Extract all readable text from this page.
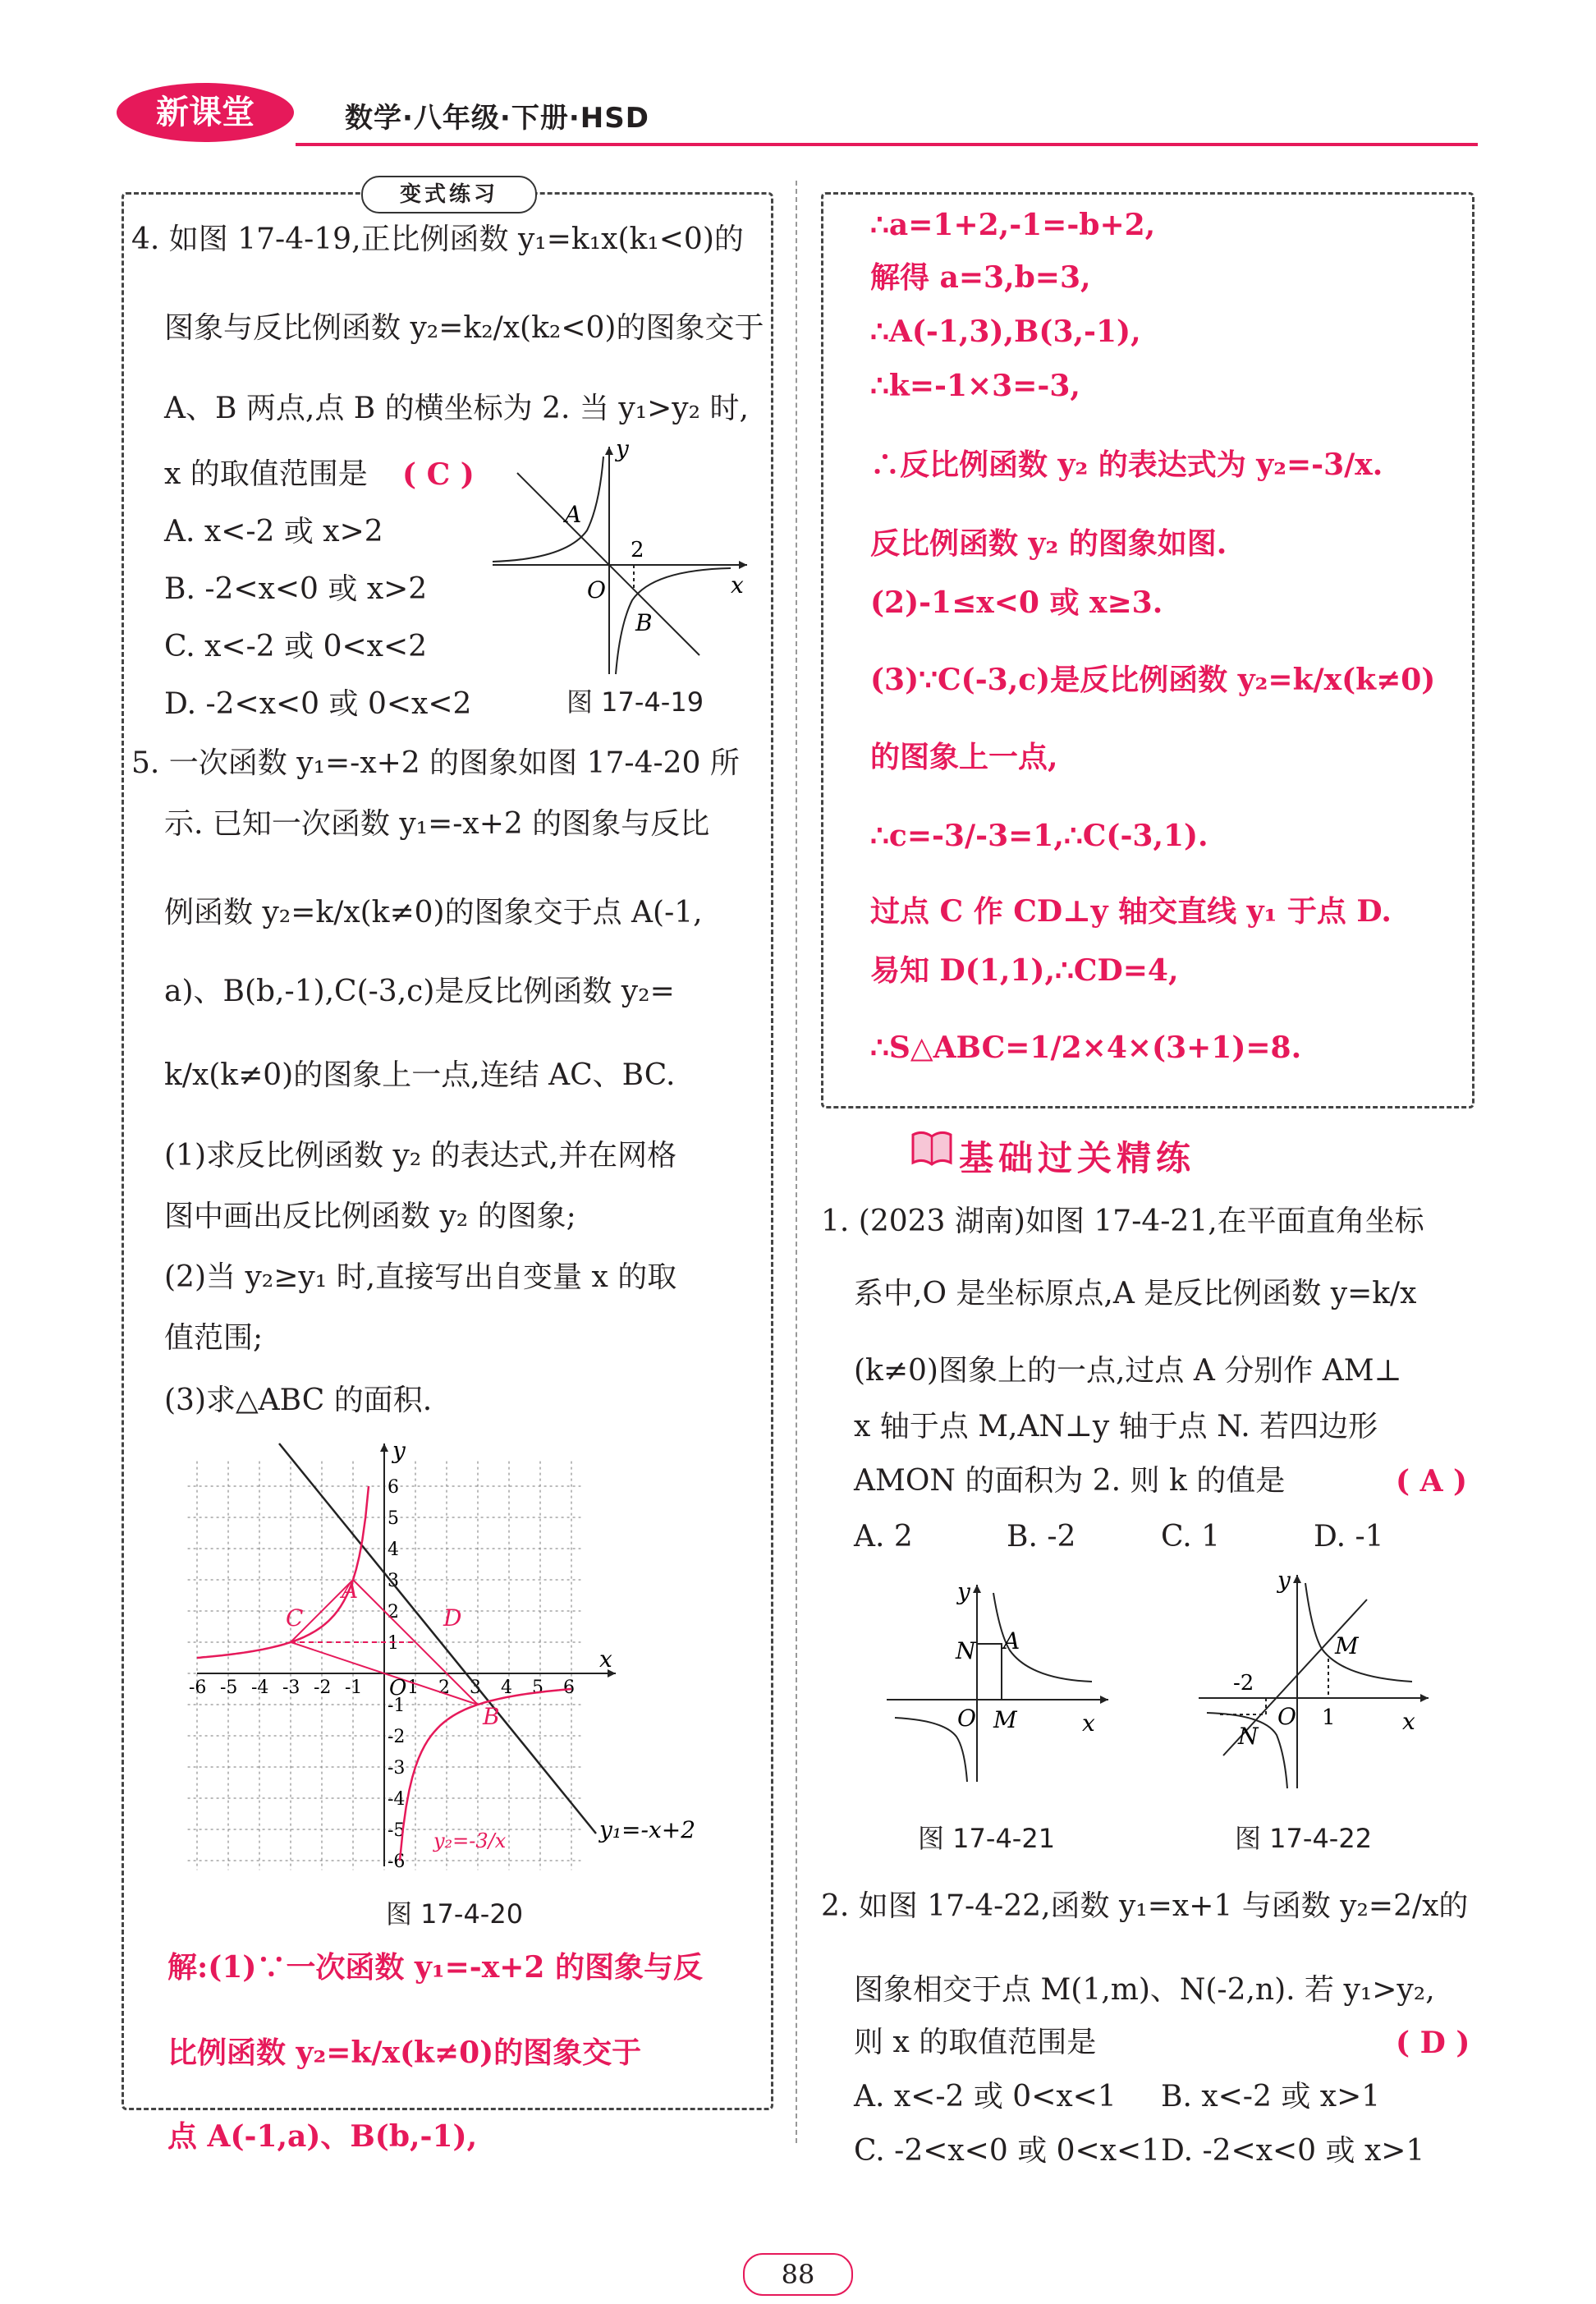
新课堂	数学·八年级·下册·HSD
变式练习
4. 如图 17-4-19,正比例函数 y₁=k₁x(k₁<0)的
图象与反比例函数 y₂=k₂/x(k₂<0)的图象交于
A、B 两点,点 B 的横坐标为 2. 当 y₁>y₂ 时,
x 的取值范围是 ( C )
A. x<-2 或 x>2
B. -2<x<0 或 x>2
C. x<-2 或 0<x<2
D. -2<x<0 或 0<x<2
y
x
O
A
B
2
图 17-4-19
5. 一次函数 y₁=-x+2 的图象如图 17-4-20 所
示. 已知一次函数 y₁=-x+2 的图象与反比
例函数 y₂=k/x(k≠0)的图象交于点 A(-1,
a)、B(b,-1),C(-3,c)是反比例函数 y₂=
k/x(k≠0)的图象上一点,连结 AC、BC.
(1)求反比例函数 y₂ 的表达式,并在网格
图中画出反比例函数 y₂ 的图象;
(2)当 y₂≥y₁ 时,直接写出自变量 x 的取
值范围;
(3)求△ABC 的面积.
-6 -5 -4 -3 -2 -1 1 2 3 4 5 6
6
5
4
3
2
1
-1
-2
-3
-4
-5
-6
y
x
O
A
B
C	D
y₁=-x+2
y₂=-3/x
图 17-4-20
解:(1)∵一次函数 y₁=-x+2 的图象与反
比例函数 y₂=k/x(k≠0)的图象交于
点 A(-1,a)、B(b,-1),
∴a=1+2,-1=-b+2,
解得 a=3,b=3,
∴A(-1,3),B(3,-1),
∴k=-1×3=-3,
∴反比例函数 y₂ 的表达式为 y₂=-3/x.
反比例函数 y₂ 的图象如图.
(2)-1≤x<0 或 x≥3.
(3)∵C(-3,c)是反比例函数 y₂=k/x(k≠0)
的图象上一点,
∴c=-3/-3=1,∴C(-3,1).
过点 C 作 CD⊥y 轴交直线 y₁ 于点 D.
易知 D(1,1),∴CD=4,
∴S△ABC=1/2×4×(3+1)=8.
基础过关精练
1. (2023 湖南)如图 17-4-21,在平面直角坐标
系中,O 是坐标原点,A 是反比例函数 y=k/x
(k≠0)图象上的一点,过点 A 分别作 AM⊥
x 轴于点 M,AN⊥y 轴于点 N. 若四边形
AMON 的面积为 2. 则 k 的值是	( A )
A. 2	B. -2	C. 1	D. -1
y
x
O
N A
M
图 17-4-21
y
x
O
M
N
-2
1
图 17-4-22
2. 如图 17-4-22,函数 y₁=x+1 与函数 y₂=2/x的
图象相交于点 M(1,m)、N(-2,n). 若 y₁>y₂,
则 x 的取值范围是	( D )
A. x<-2 或 0<x<1 B. x<-2 或 x>1
C. -2<x<0 或 0<x<1 D. -2<x<0 或 x>1
88
